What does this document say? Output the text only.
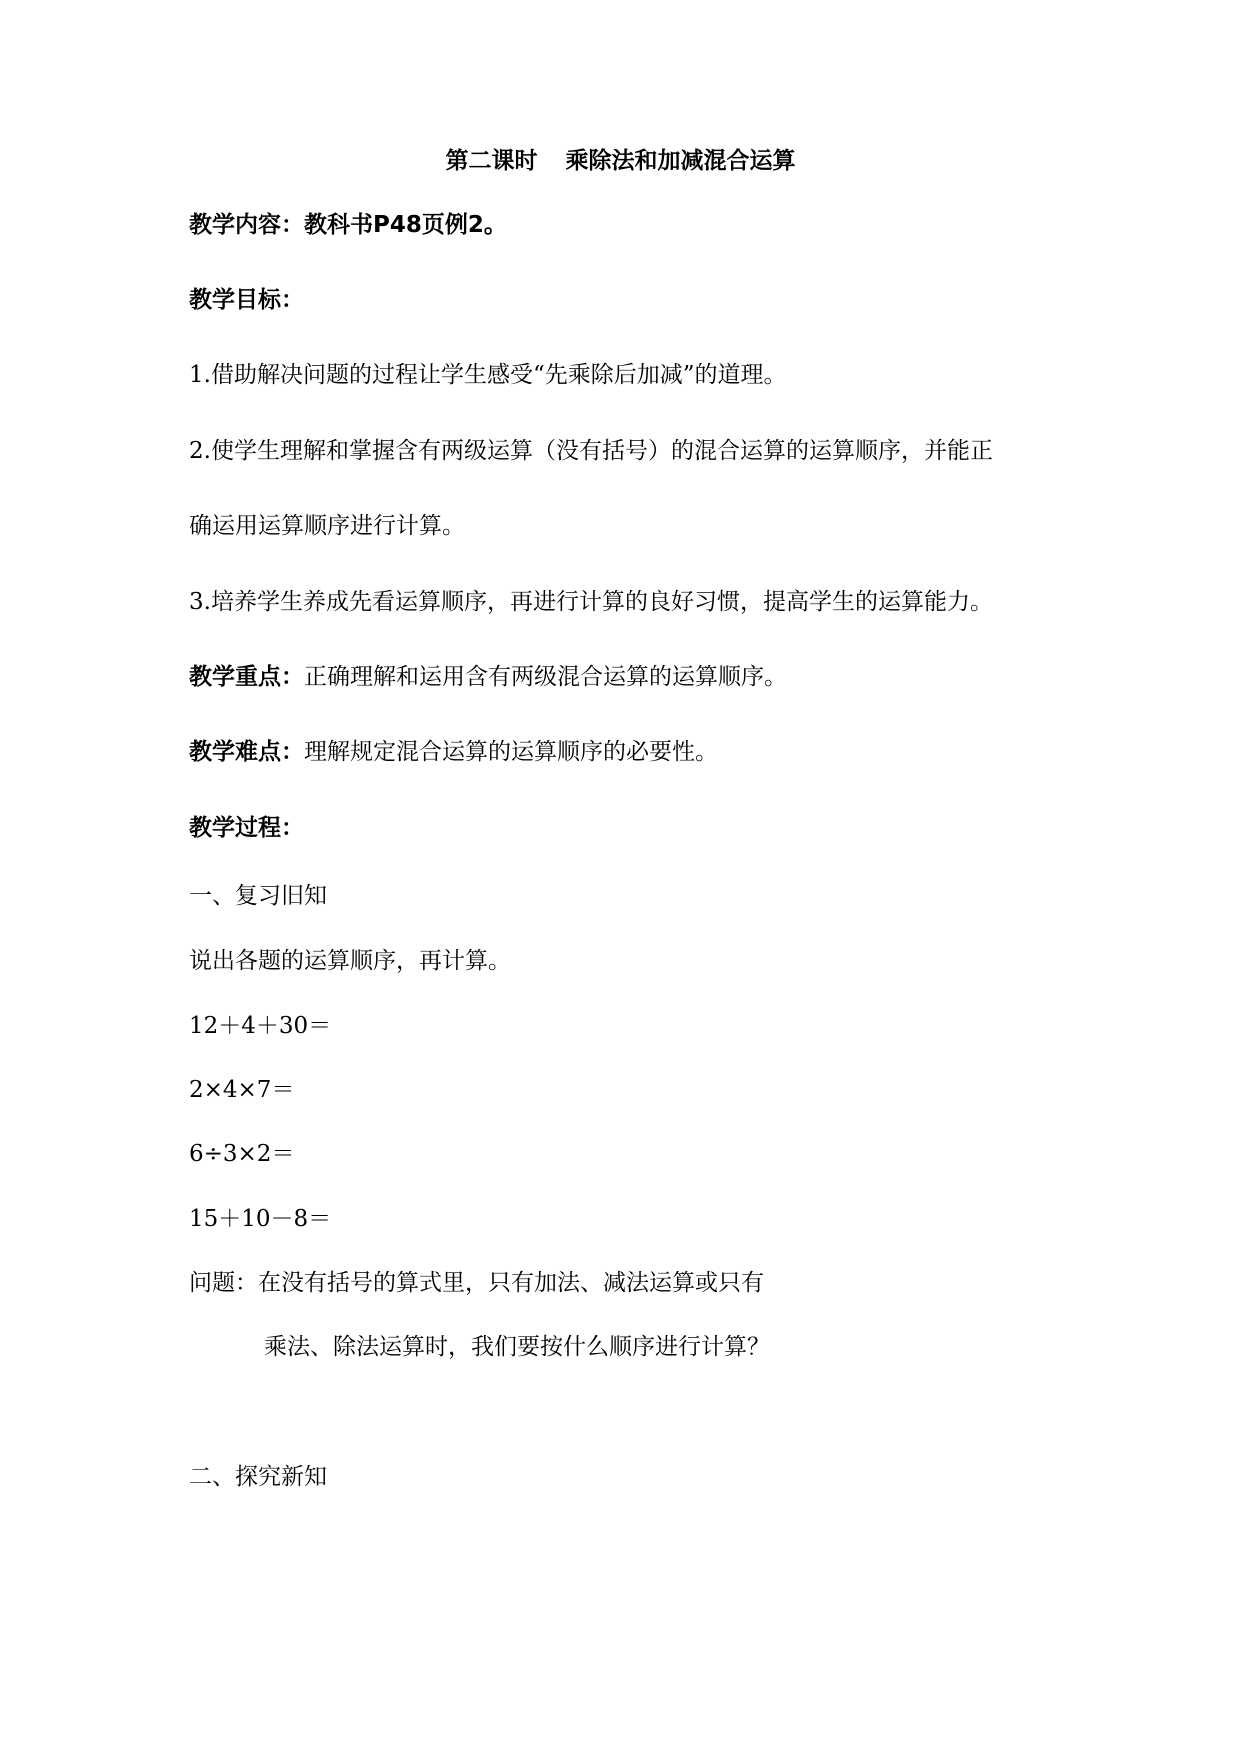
第二课时 乘除法和加减混合运算
教学内容：教科书P48页例2。
教学目标：
1.借助解决问题的过程让学生感受“先乘除后加减”的道理。
2.使学生理解和掌握含有两级运算（没有括号）的混合运算的运算顺序，并能正
确运用运算顺序进行计算。
3.培养学生养成先看运算顺序，再进行计算的良好习惯，提高学生的运算能力。
教学重点：正确理解和运用含有两级混合运算的运算顺序。
教学难点：理解规定混合运算的运算顺序的必要性。
教学过程：
一、复习旧知
说出各题的运算顺序，再计算。
12＋4＋30＝
2×4×7＝
6÷3×2＝
15＋10－8＝
问题：在没有括号的算式里，只有加法、减法运算或只有
乘法、除法运算时，我们要按什么顺序进行计算？
二、探究新知
